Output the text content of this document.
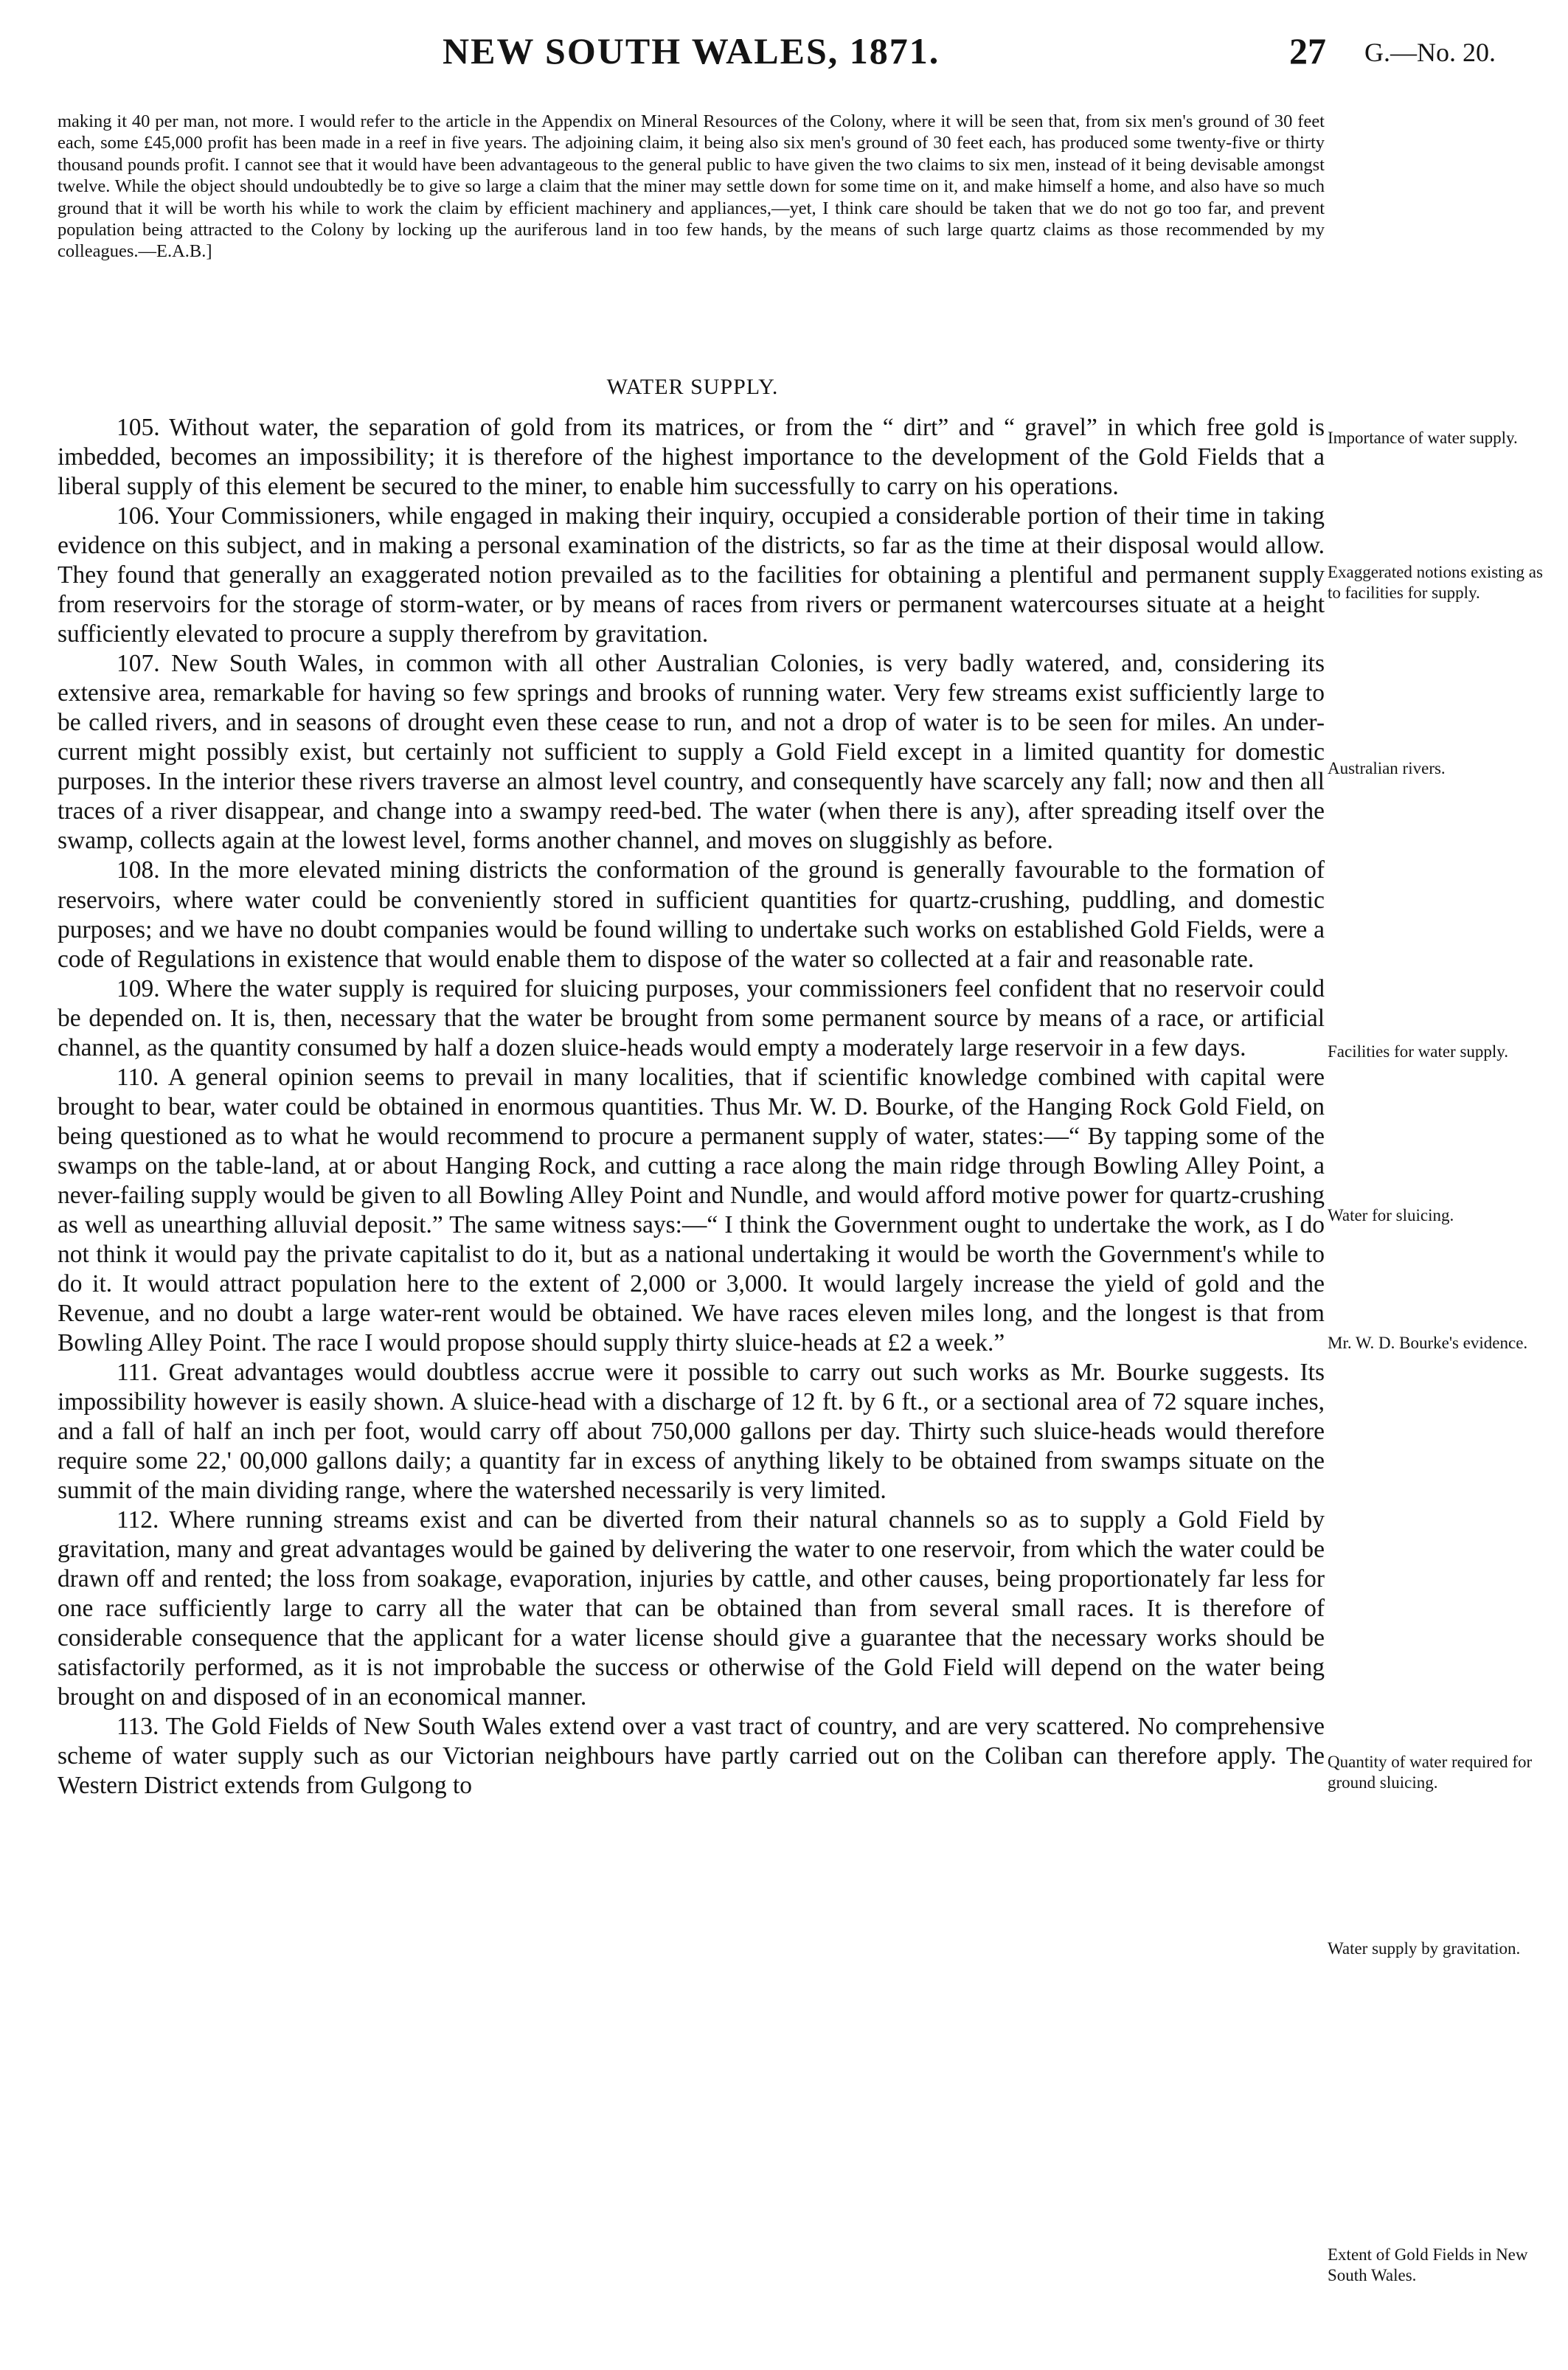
NEW SOUTH WALES, 1871.	27 G.—No. 20.
making it 40 per man, not more. I would refer to the article in the Appendix on Mineral Resources of the Colony, where it will be seen that, from six men's ground of 30 feet each, some £45,000 profit has been made in a reef in five years. The adjoining claim, it being also six men's ground of 30 feet each, has produced some twenty-five or thirty thousand pounds profit. I cannot see that it would have been advantageous to the general public to have given the two claims to six men, instead of it being devisable amongst twelve. While the object should undoubtedly be to give so large a claim that the miner may settle down for some time on it, and make himself a home, and also have so much ground that it will be worth his while to work the claim by efficient machinery and appliances,—yet, I think care should be taken that we do not go too far, and prevent population being attracted to the Colony by locking up the auriferous land in too few hands, by the means of such large quartz claims as those recommended by my colleagues.—E.A.B.]
WATER SUPPLY.

105. Without water, the separation of gold from its matrices, or from the “ dirt” and “ gravel” in which free gold is imbedded, becomes an impossibility; it is therefore of the highest importance to the development of the Gold Fields that a liberal supply of this element be secured to the miner, to enable him successfully to carry on his operations.

106. Your Commissioners, while engaged in making their inquiry, occupied a considerable portion of their time in taking evidence on this subject, and in making a personal examination of the districts, so far as the time at their disposal would allow. They found that generally an exaggerated notion prevailed as to the facilities for obtaining a plentiful and permanent supply from reservoirs for the storage of storm-water, or by means of races from rivers or permanent watercourses situate at a height sufficiently elevated to procure a supply therefrom by gravitation.

107. New South Wales, in common with all other Australian Colonies, is very badly watered, and, considering its extensive area, remarkable for having so few springs and brooks of running water. Very few streams exist sufficiently large to be called rivers, and in seasons of drought even these cease to run, and not a drop of water is to be seen for miles. An under-current might possibly exist, but certainly not sufficient to supply a Gold Field except in a limited quantity for domestic purposes. In the interior these rivers traverse an almost level country, and consequently have scarcely any fall; now and then all traces of a river disappear, and change into a swampy reed-bed. The water (when there is any), after spreading itself over the swamp, collects again at the lowest level, forms another channel, and moves on sluggishly as before.

108. In the more elevated mining districts the conformation of the ground is generally favourable to the formation of reservoirs, where water could be conveniently stored in sufficient quantities for quartz-crushing, puddling, and domestic purposes; and we have no doubt companies would be found willing to undertake such works on established Gold Fields, were a code of Regulations in existence that would enable them to dispose of the water so collected at a fair and reasonable rate.

109. Where the water supply is required for sluicing purposes, your commissioners feel confident that no reservoir could be depended on. It is, then, necessary that the water be brought from some permanent source by means of a race, or artificial channel, as the quantity consumed by half a dozen sluice-heads would empty a moderately large reservoir in a few days.

110. A general opinion seems to prevail in many localities, that if scientific knowledge combined with capital were brought to bear, water could be obtained in enormous quantities. Thus Mr. W. D. Bourke, of the Hanging Rock Gold Field, on being questioned as to what he would recommend to procure a permanent supply of water, states:—“ By tapping some of the swamps on the table-land, at or about Hanging Rock, and cutting a race along the main ridge through Bowling Alley Point, a never-failing supply would be given to all Bowling Alley Point and Nundle, and would afford motive power for quartz-crushing as well as unearthing alluvial deposit.” The same witness says:—“ I think the Government ought to undertake the work, as I do not think it would pay the private capitalist to do it, but as a national undertaking it would be worth the Government's while to do it. It would attract population here to the extent of 2,000 or 3,000. It would largely increase the yield of gold and the Revenue, and no doubt a large water-rent would be obtained. We have races eleven miles long, and the longest is that from Bowling Alley Point. The race I would propose should supply thirty sluice-heads at £2 a week.”

111. Great advantages would doubtless accrue were it possible to carry out such works as Mr. Bourke suggests. Its impossibility however is easily shown. A sluice-head with a discharge of 12 ft. by 6 ft., or a sectional area of 72 square inches, and a fall of half an inch per foot, would carry off about 750,000 gallons per day. Thirty such sluice-heads would therefore require some 22,' 00,000 gallons daily; a quantity far in excess of anything likely to be obtained from swamps situate on the summit of the main dividing range, where the watershed necessarily is very limited.

112. Where running streams exist and can be diverted from their natural channels so as to supply a Gold Field by gravitation, many and great advantages would be gained by delivering the water to one reservoir, from which the water could be drawn off and rented; the loss from soakage, evaporation, injuries by cattle, and other causes, being proportionately far less for one race sufficiently large to carry all the water that can be obtained than from several small races. It is therefore of considerable consequence that the applicant for a water license should give a guarantee that the necessary works should be satisfactorily performed, as it is not improbable the success or otherwise of the Gold Field will depend on the water being brought on and disposed of in an economical manner.

113. The Gold Fields of New South Wales extend over a vast tract of country, and are very scattered. No comprehensive scheme of water supply such as our Victorian neighbours have partly carried out on the Coliban can therefore apply. The Western District extends from Gulgong to

Importance of water supply.
Exaggerated notions existing as to facilities for supply.
Australian rivers.
Facilities for water supply.
Water for sluicing.
Mr. W. D. Bourke's evidence.
Quantity of water required for ground sluicing.
Water supply by gravitation.
Extent of Gold Fields in New South Wales.
